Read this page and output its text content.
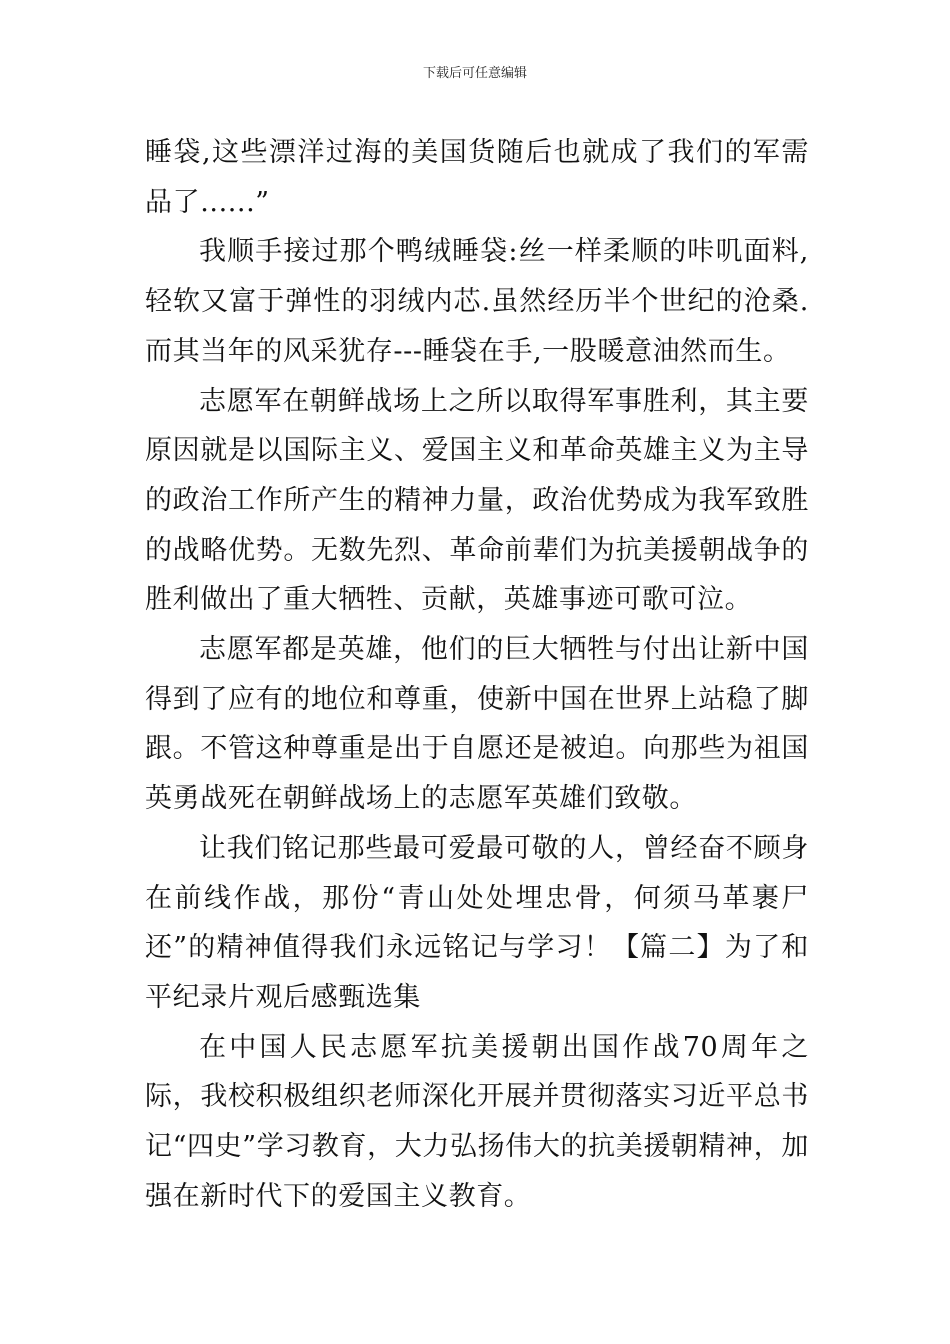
下载后可任意编辑

睡袋,这些漂洋过海的美国货随后也就成了我们的军需品了......”

我顺手接过那个鸭绒睡袋:丝一样柔顺的咔叽面料,轻软又富于弹性的羽绒内芯.虽然经历半个世纪的沧桑.而其当年的风采犹存---睡袋在手,一股暖意油然而生。

志愿军在朝鲜战场上之所以取得军事胜利，其主要原因就是以国际主义、爱国主义和革命英雄主义为主导的政治工作所产生的精神力量，政治优势成为我军致胜的战略优势。无数先烈、革命前辈们为抗美援朝战争的胜利做出了重大牺牲、贡献，英雄事迹可歌可泣。

志愿军都是英雄，他们的巨大牺牲与付出让新中国得到了应有的地位和尊重，使新中国在世界上站稳了脚跟。不管这种尊重是出于自愿还是被迫。向那些为祖国英勇战死在朝鲜战场上的志愿军英雄们致敬。

让我们铭记那些最可爱最可敬的人，曾经奋不顾身在前线作战，那份“青山处处埋忠骨，何须马革裹尸还”的精神值得我们永远铭记与学习！【篇二】为了和平纪录片观后感甄选集

在中国人民志愿军抗美援朝出国作战70周年之际，我校积极组织老师深化开展并贯彻落实习近平总书记“四史”学习教育，大力弘扬伟大的抗美援朝精神，加强在新时代下的爱国主义教育。
